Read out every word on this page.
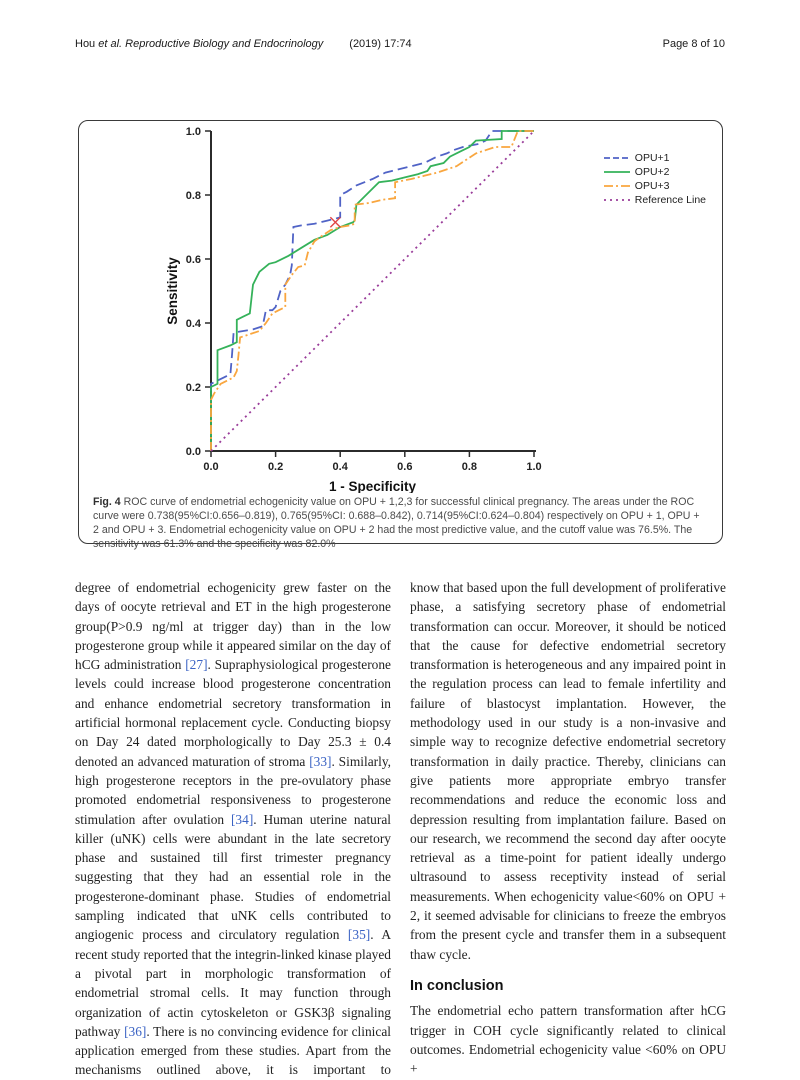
Hou et al. Reproductive Biology and Endocrinology (2019) 17:74	Page 8 of 10
0.0
0.0
0.2
0.2
0.4
0.4
0.6
0.6
0.8
0.8
1.0
1.0
1 - Specificity
Sensitivity
OPU+1
OPU+2
OPU+3
Reference Line
Fig. 4 ROC curve of endometrial echogenicity value on OPU + 1,2,3 for successful clinical pregnancy. The areas under the ROC curve were 0.738(95%CI:0.656–0.819), 0.765(95%CI: 0.688–0.842), 0.714(95%CI:0.624–0.804) respectively on OPU + 1, OPU + 2 and OPU + 3. Endometrial echogenicity value on OPU + 2 had the most predictive value, and the cutoff value was 76.5%. The sensitivity was 61.3% and the specificity was 82.0%

degree of endometrial echogenicity grew faster on the days of oocyte retrieval and ET in the high progesterone group(P>0.9 ng/ml at trigger day) than in the low progesterone group while it appeared similar on the day of hCG administration [27]. Supraphysiological progesterone levels could increase blood progesterone concentration and enhance endometrial secretory transformation in artificial hormonal replacement cycle. Conducting biopsy on Day 24 dated morphologically to Day 25.3 ± 0.4 denoted an advanced maturation of stroma [33]. Similarly, high progesterone receptors in the pre-ovulatory phase promoted endometrial responsiveness to progesterone stimulation after ovulation [34]. Human uterine natural killer (uNK) cells were abundant in the late secretory phase and sustained till first trimester pregnancy suggesting that they had an essential role in the progesterone-dominant phase. Studies of endometrial sampling indicated that uNK cells contributed to angiogenic process and circulatory regulation [35]. A recent study reported that the integrin-linked kinase played a pivotal part in morphologic transformation of endometrial stromal cells. It may function through organization of actin cytoskeleton or GSK3β signaling pathway [36]. There is no convincing evidence for clinical application emerged from these studies. Apart from the mechanisms outlined above, it is important to

know that based upon the full development of proliferative phase, a satisfying secretory phase of endometrial transformation can occur. Moreover, it should be noticed that the cause for defective endometrial secretory transformation is heterogeneous and any impaired point in the regulation process can lead to female infertility and failure of blastocyst implantation. However, the methodology used in our study is a non-invasive and simple way to recognize defective endometrial secretory transformation in daily practice. Thereby, clinicians can give patients more appropriate embryo transfer recommendations and reduce the economic loss and depression resulting from implantation failure. Based on our research, we recommend the second day after oocyte retrieval as a time-point for patient ideally undergo ultrasound to assess receptivity instead of serial measurements. When echogenicity value<60% on OPU + 2, it seemed advisable for clinicians to freeze the embryos from the present cycle and transfer them in a subsequent thaw cycle.

In conclusion

The endometrial echo pattern transformation after hCG trigger in COH cycle significantly related to clinical outcomes. Endometrial echogenicity value <60% on OPU +
